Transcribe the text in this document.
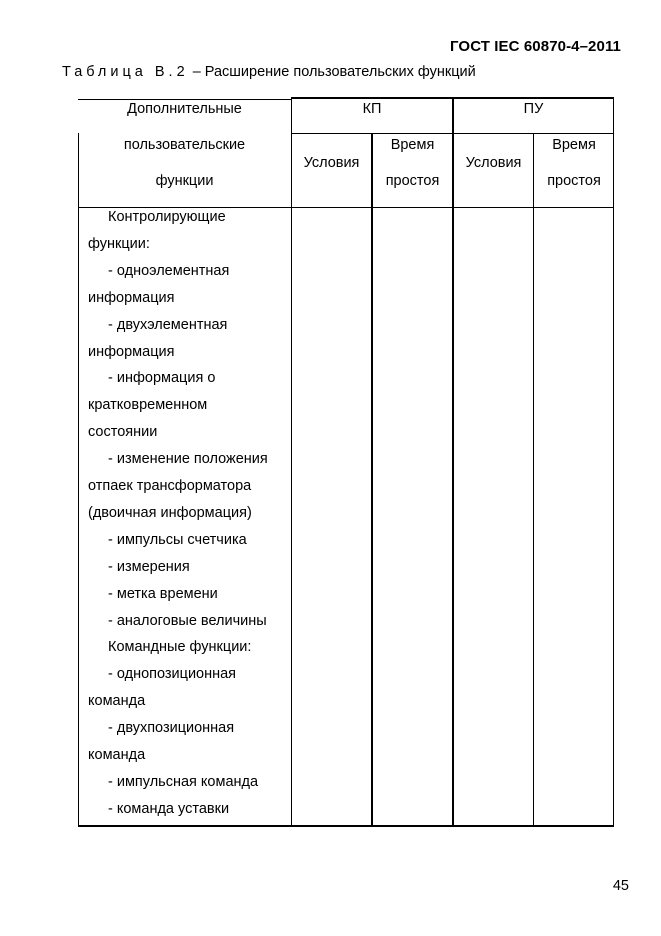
ГОСТ IEC 60870-4–2011
Таблица В.2 – Расширение пользовательских функций
Дополнительные
пользовательские
функции
КП	ПУ
Условия
Время
простоя
Условия
Время
простоя
Контролирующие
функции:
- одноэлементная
информация
- двухэлементная
информация
- информация о
кратковременном
состоянии
- изменение положения
отпаек трансформатора
(двоичная информация)
- импульсы счетчика
- измерения
- метка времени
- аналоговые величины
Командные функции:
- однопозиционная
команда
- двухпозиционная
команда
- импульсная команда
- команда уставки
45
